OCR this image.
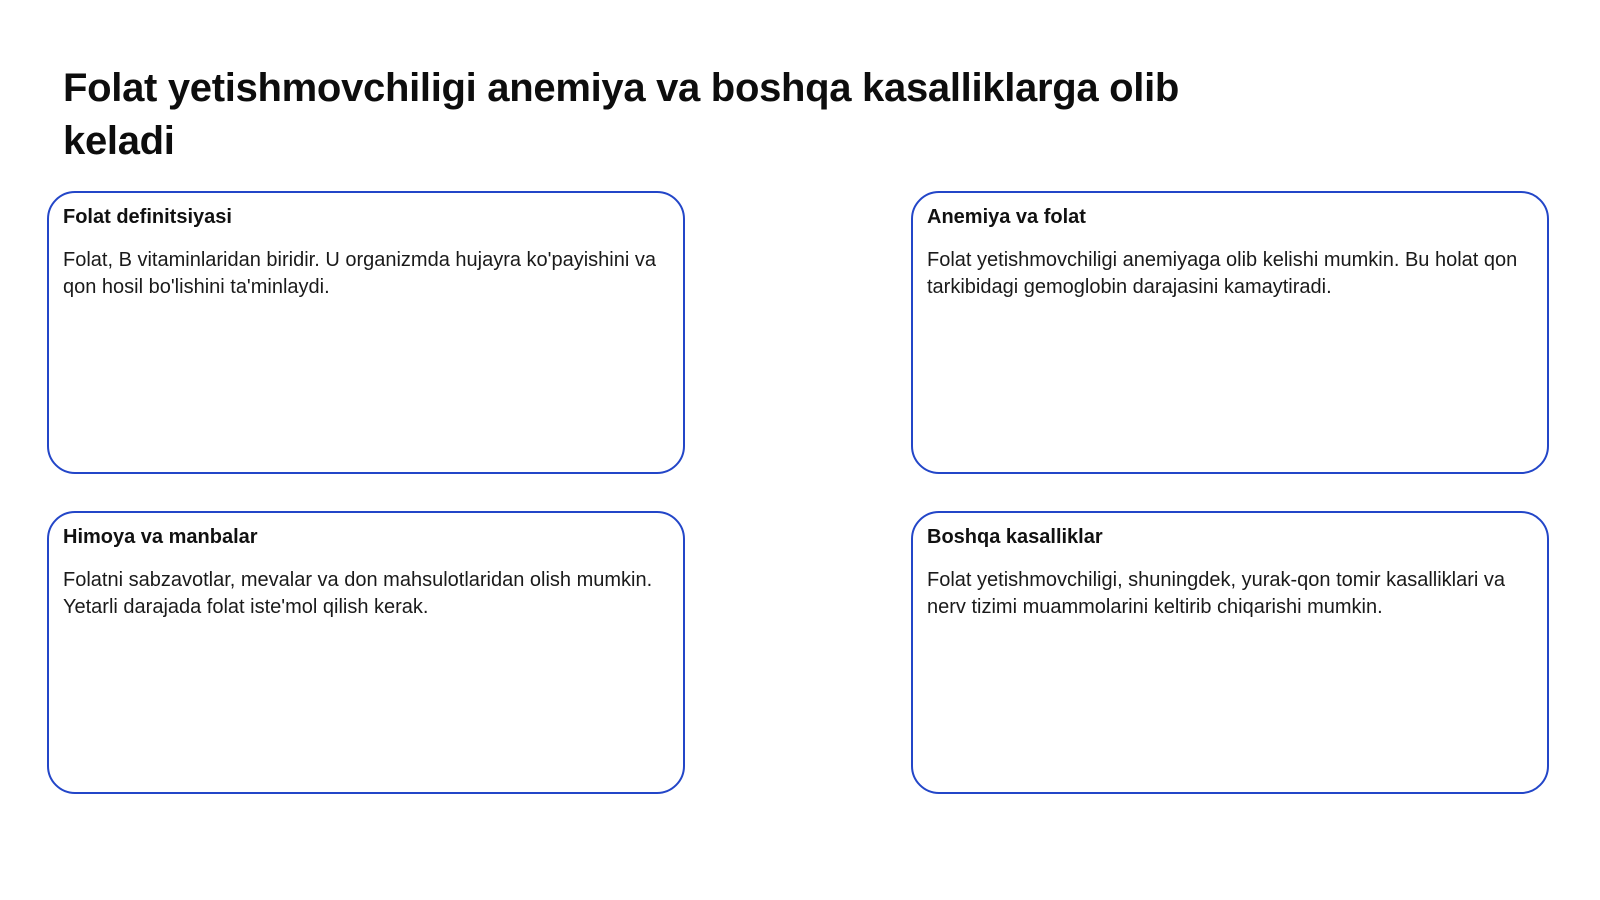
Folat yetishmovchiligi anemiya va boshqa kasalliklarga olib keladi
Folat definitsiyasi

Folat, B vitaminlaridan biridir. U organizmda hujayra ko'payishini va qon hosil bo'lishini ta'minlaydi.

Anemiya va folat

Folat yetishmovchiligi anemiyaga olib kelishi mumkin. Bu holat qon tarkibidagi gemoglobin darajasini kamaytiradi.

Himoya va manbalar

Folatni sabzavotlar, mevalar va don mahsulotlaridan olish mumkin. Yetarli darajada folat iste'mol qilish kerak.

Boshqa kasalliklar

Folat yetishmovchiligi, shuningdek, yurak-qon tomir kasalliklari va nerv tizimi muammolarini keltirib chiqarishi mumkin.
